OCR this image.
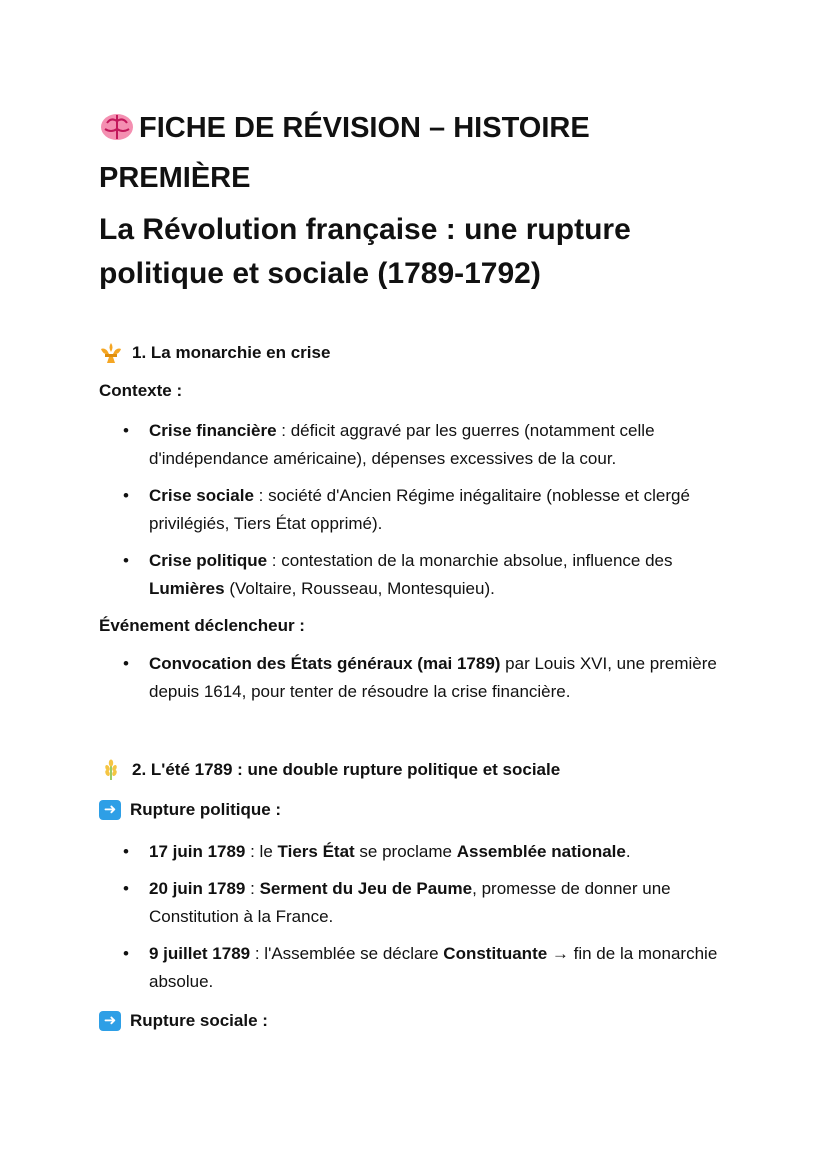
FICHE DE RÉVISION – HISTOIRE
PREMIÈRE
La Révolution française : une rupture
politique et sociale (1789-1792)
1. La monarchie en crise
Contexte :
• Crise financière : déficit aggravé par les guerres (notamment celle d'indépendance américaine), dépenses excessives de la cour.
• Crise sociale : société d'Ancien Régime inégalitaire (noblesse et clergé privilégiés, Tiers État opprimé).
• Crise politique : contestation de la monarchie absolue, influence des Lumières (Voltaire, Rousseau, Montesquieu).
Événement déclencheur :
• Convocation des États généraux (mai 1789) par Louis XVI, une première depuis 1614, pour tenter de résoudre la crise financière.
2. L'été 1789 : une double rupture politique et sociale
➜ Rupture politique :
• 17 juin 1789 : le Tiers État se proclame Assemblée nationale.
• 20 juin 1789 : Serment du Jeu de Paume, promesse de donner une Constitution à la France.
• 9 juillet 1789 : l'Assemblée se déclare Constituante → fin de la monarchie absolue.
➜ Rupture sociale :
